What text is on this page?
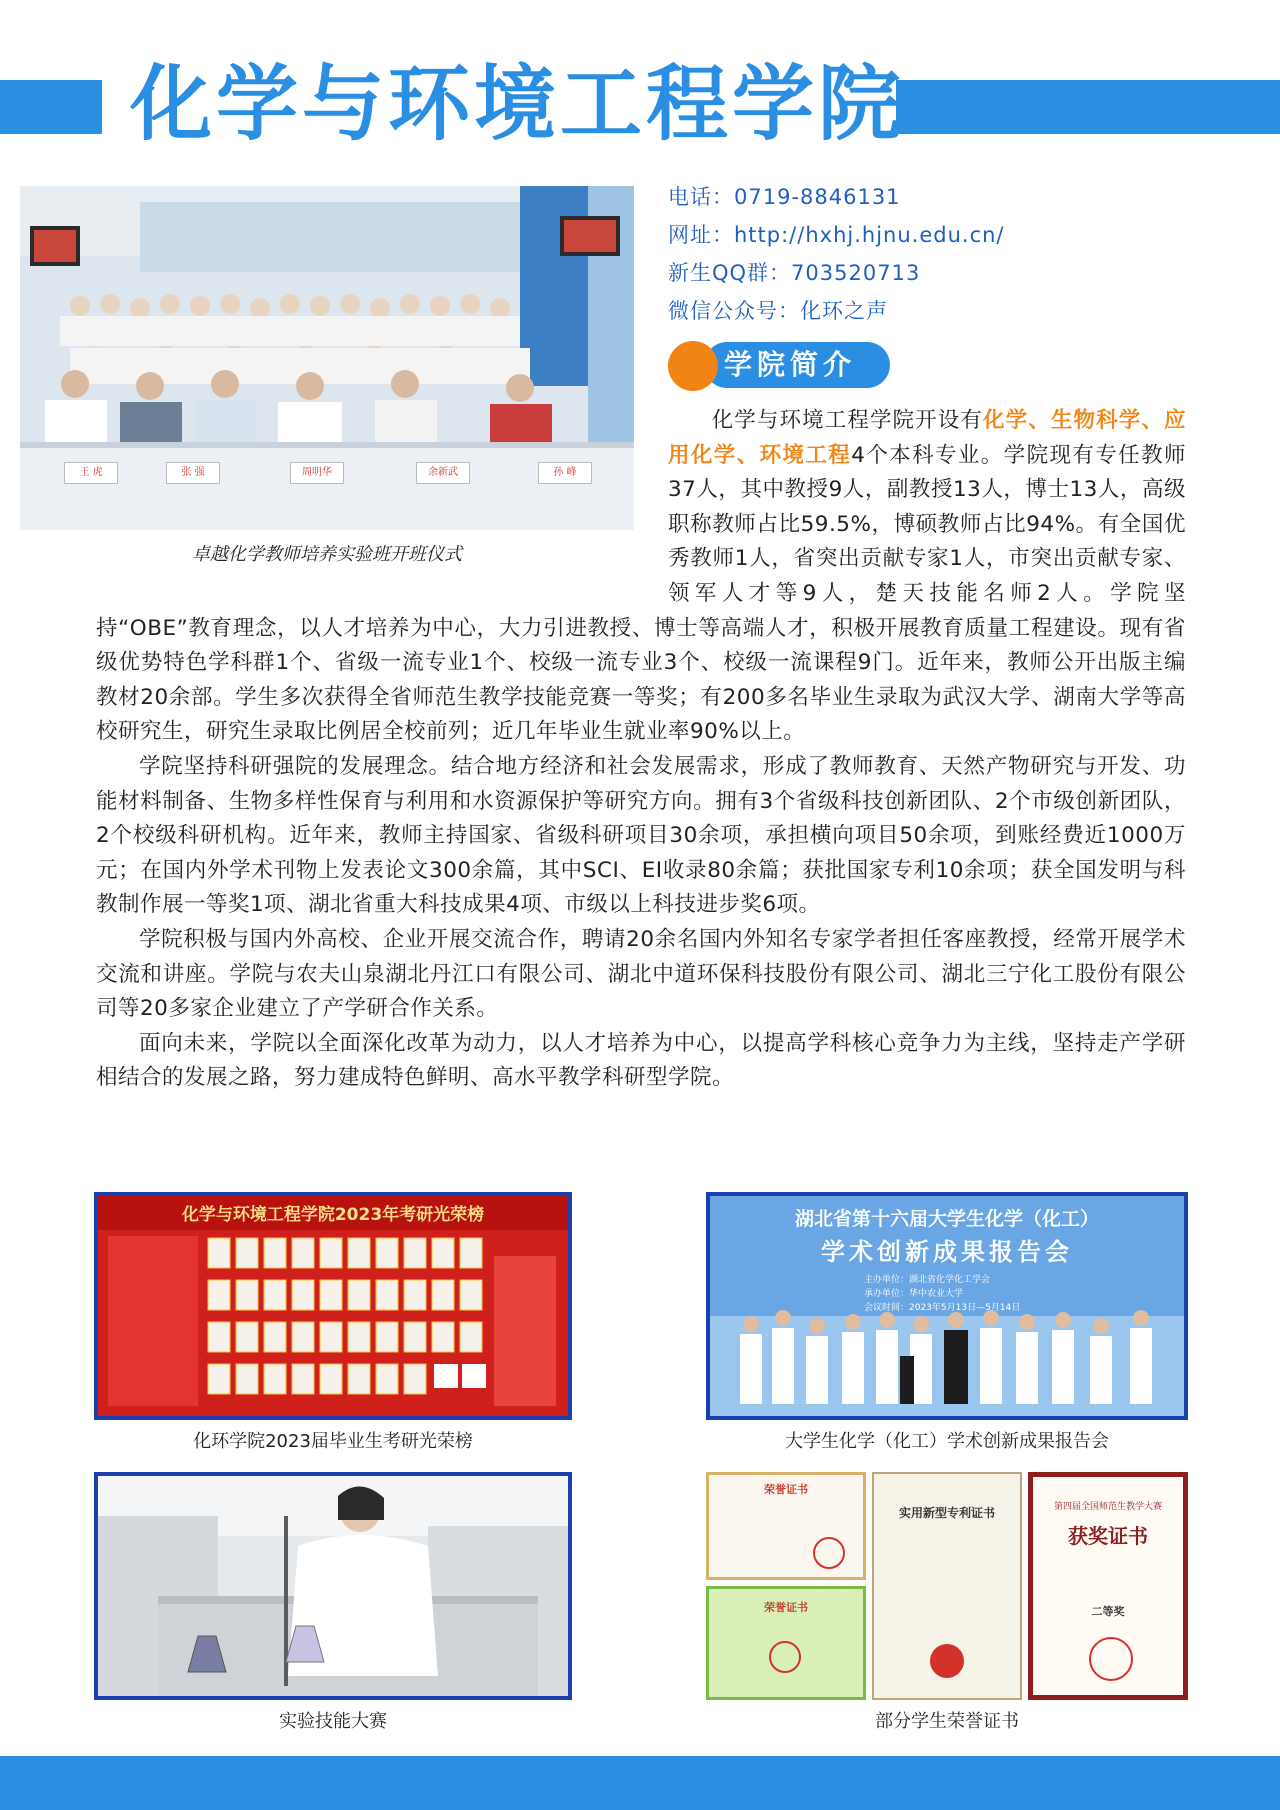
化学与环境工程学院
王 虎	张 强	周明华	余新武	孙 峰
卓越化学教师培养实验班开班仪式
电话：0719-8846131
网址：http://hxhj.hjnu.edu.cn/
新生QQ群：703520713
微信公众号：化环之声
学院简介

化学与环境工程学院开设有化学、生物科学、应用化学、环境工程4个本科专业。学院现有专任教师37人，其中教授9人，副教授13人，博士13人，高级职称教师占比59.5%，博硕教师占比94%。有全国优秀教师1人，省突出贡献专家1人，市突出贡献专家、领军人才等9人，楚天技能名师2人。学院坚持“OBE”教育理念，以人才培养为中心，大力引进教授、博士等高端人才，积极开展教育质量工程建设。现有省级优势特色学科群1个、省级一流专业1个、校级一流专业3个、校级一流课程9门。近年来，教师公开出版主编教材20余部。学生多次获得全省师范生教学技能竞赛一等奖；有200多名毕业生录取为武汉大学、湖南大学等高校研究生，研究生录取比例居全校前列；近几年毕业生就业率90%以上。

学院坚持科研强院的发展理念。结合地方经济和社会发展需求，形成了教师教育、天然产物研究与开发、功能材料制备、生物多样性保育与利用和水资源保护等研究方向。拥有3个省级科技创新团队、2个市级创新团队，2个校级科研机构。近年来，教师主持国家、省级科研项目30余项，承担横向项目50余项，到账经费近1000万元；在国内外学术刊物上发表论文300余篇，其中SCI、EI收录80余篇；获批国家专利10余项；获全国发明与科教制作展一等奖1项、湖北省重大科技成果4项、市级以上科技进步奖6项。

学院积极与国内外高校、企业开展交流合作，聘请20余名国内外知名专家学者担任客座教授，经常开展学术交流和讲座。学院与农夫山泉湖北丹江口有限公司、湖北中道环保科技股份有限公司、湖北三宁化工股份有限公司等20多家企业建立了产学研合作关系。

面向未来，学院以全面深化改革为动力，以人才培养为中心，以提高学科核心竞争力为主线，坚持走产学研相结合的发展之路，努力建成特色鲜明、高水平教学科研型学院。

化学与环境工程学院2023年考研光荣榜
化环学院2023届毕业生考研光荣榜
湖北省第十六届大学生化学（化工）
学术创新成果报告会
主办单位：湖北省化学化工学会
承办单位：华中农业大学
会议时间：2023年5月13日—5月14日
大学生化学（化工）学术创新成果报告会
实验技能大赛
荣誉证书
荣誉证书
实用新型专利证书	第四届全国师范生教学大赛
获奖证书
二等奖
部分学生荣誉证书
